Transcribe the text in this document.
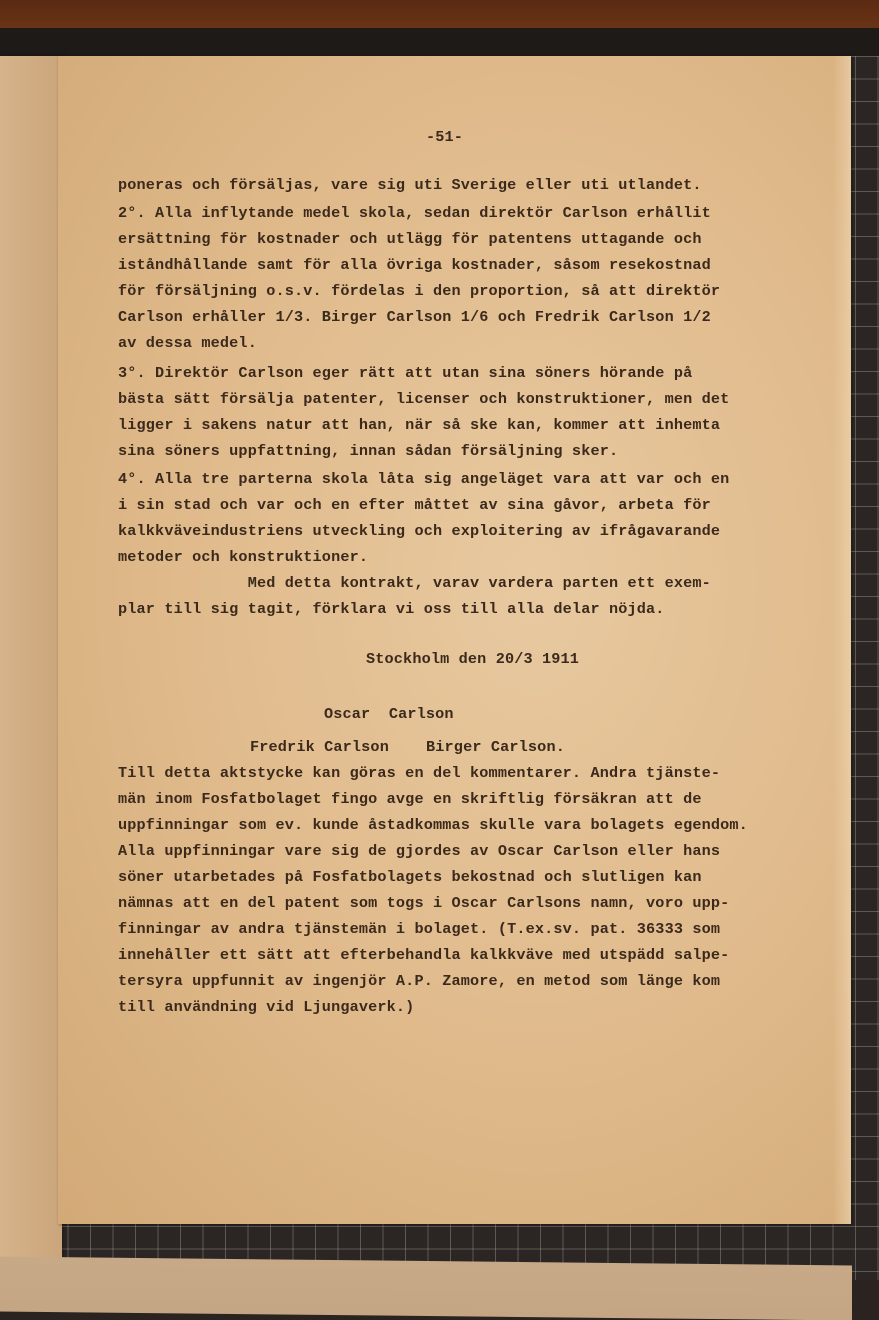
-51-
poneras och försäljas, vare sig uti Sverige eller uti utlandet.
2°. Alla inflytande medel skola, sedan direktör Carlson erhållit
ersättning för kostnader och utlägg för patentens uttagande och
iståndhållande samt för alla övriga kostnader, såsom resekostnad
för försäljning o.s.v. fördelas i den proportion, så att direktör
Carlson erhåller 1/3. Birger Carlson 1/6 och Fredrik Carlson 1/2
av dessa medel.
3°. Direktör Carlson eger rätt att utan sina söners hörande på
bästa sätt försälja patenter, licenser och konstruktioner, men det
ligger i sakens natur att han, när så ske kan, kommer att inhemta
sina söners uppfattning, innan sådan försäljning sker.
4°. Alla tre parterna skola låta sig angeläget vara att var och en
i sin stad och var och en efter måttet av sina gåvor, arbeta för
kalkkväveindustriens utveckling och exploitering av ifrågavarande
metoder och konstruktioner.
Med detta kontrakt, varav vardera parten ett exem-
plar till sig tagit, förklara vi oss till alla delar nöjda.
Stockholm den 20/3 1911
Oscar  Carlson
Fredrik Carlson    Birger Carlson.
Till detta aktstycke kan göras en del kommentarer. Andra tjänste-
män inom Fosfatbolaget fingo avge en skriftlig försäkran att de
uppfinningar som ev. kunde åstadkommas skulle vara bolagets egendom.
Alla uppfinningar vare sig de gjordes av Oscar Carlson eller hans
söner utarbetades på Fosfatbolagets bekostnad och slutligen kan
nämnas att en del patent som togs i Oscar Carlsons namn, voro upp-
finningar av andra tjänstemän i bolaget. (T.ex.sv. pat. 36333 som
innehåller ett sätt att efterbehandla kalkkväve med utspädd salpe-
tersyra uppfunnit av ingenjör A.P. Zamore, en metod som länge kom
till användning vid Ljungaverk.)
